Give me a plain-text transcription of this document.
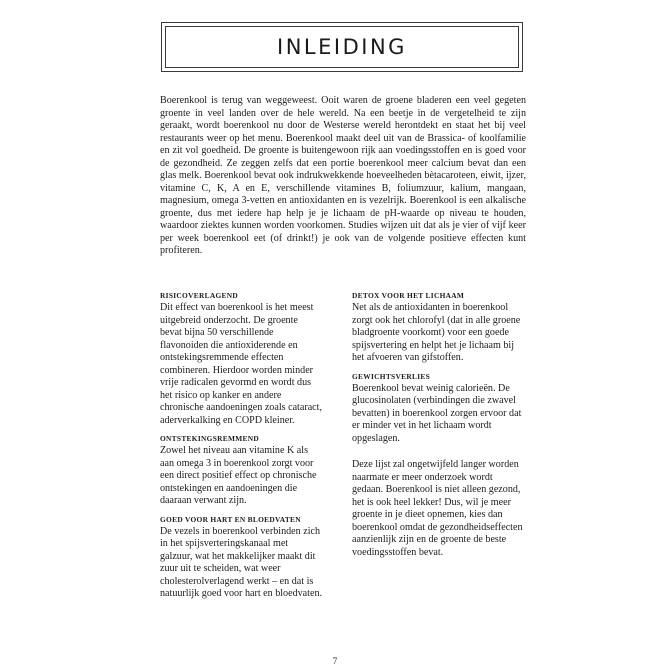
INLEIDING

Boerenkool is terug van weggeweest. Ooit waren de groene bladeren een veel gegeten groente in veel landen over de hele wereld. Na een beetje in de vergetelheid te zijn geraakt, wordt boerenkool nu door de Westerse wereld herontdekt en staat het bij veel restaurants weer op het menu. Boerenkool maakt deel uit van de Brassica- of koolfamilie en zit vol goedheid. De groente is buitengewoon rijk aan voedingsstoffen en is goed voor de gezondheid. Ze zeggen zelfs dat een portie boerenkool meer calcium bevat dan een glas melk. Boerenkool bevat ook indrukwekkende hoeveelheden bètacaroteen, eiwit, ijzer, vitamine C, K, A en E, verschillende vitamines B, foliumzuur, kalium, mangaan, magnesium, omega 3-vetten en antioxidanten en is vezelrijk. Boerenkool is een alkalische groente, dus met iedere hap help je je lichaam de pH-waarde op niveau te houden, waardoor ziektes kunnen worden voorkomen. Studies wijzen uit dat als je vier of vijf keer per week boerenkool eet (of drinkt!) je ook van de volgende positieve effecten kunt profiteren.

RISICOVERLAGEND

Dit effect van boerenkool is het meest uitgebreid onderzocht. De groente bevat bijna 50 verschillende flavonoiden die antioxiderende en ontstekingsremmende effecten combineren. Hierdoor worden minder vrije radicalen gevormd en wordt dus het risico op kanker en andere chronische aandoeningen zoals cataract, aderverkalking en COPD kleiner.

ONTSTEKINGSREMMEND

Zowel het niveau aan vitamine K als aan omega 3 in boerenkool zorgt voor een direct positief effect op chronische ontstekingen en aandoeningen die daaraan verwant zijn.

GOED VOOR HART EN BLOEDVATEN

De vezels in boerenkool verbinden zich in het spijsverteringskanaal met galzuur, wat het makkelijker maakt dit zuur uit te scheiden, wat weer cholesterolverlagend werkt – en dat is natuurlijk goed voor hart en bloedvaten.

DETOX VOOR HET LICHAAM

Net als de antioxidanten in boerenkool zorgt ook het chlorofyl (dat in alle groene bladgroente voorkomt) voor een goede spijsvertering en helpt het je lichaam bij het afvoeren van gifstoffen.

GEWICHTSVERLIES

Boerenkool bevat weinig calorieën. De glucosinolaten (verbindingen die zwavel bevatten) in boerenkool zorgen ervoor dat er minder vet in het lichaam wordt opgeslagen.

Deze lijst zal ongetwijfeld langer worden naarmate er meer onderzoek wordt gedaan. Boerenkool is niet alleen gezond, het is ook heel lekker! Dus, wil je meer groente in je dieet opnemen, kies dan boerenkool omdat de gezondheidseffecten aanzienlijk zijn en de groente de beste voedingsstoffen bevat.

7
